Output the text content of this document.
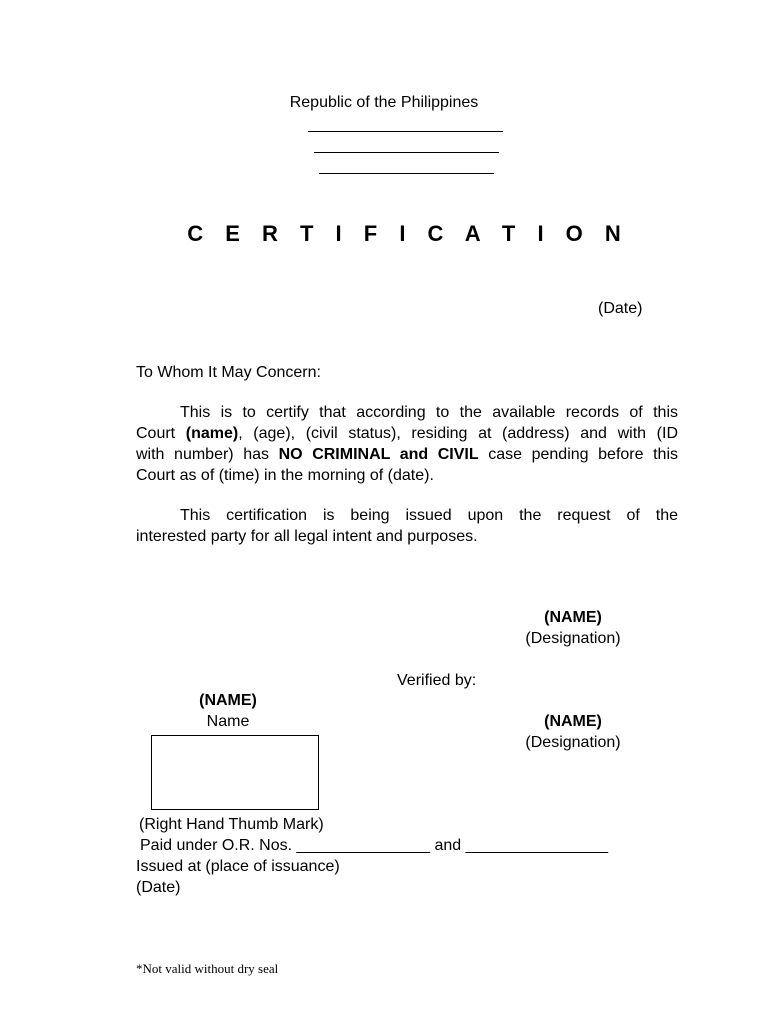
Republic of the Philippines
C E R T I F I C A T I O N
(Date)
To Whom It May Concern:
This is to certify that according to the available records of this
Court (name), (age), (civil status), residing at (address) and with (ID
with number) has NO CRIMINAL and CIVIL case pending before this
Court as of (time) in the morning of (date).
This certification is being issued upon the request of the
interested party for all legal intent and purposes.
(NAME)
(Designation)
Verified by:
(NAME)
Name	(NAME)
(Designation)
(Right Hand Thumb Mark)
Paid under O.R. Nos. _______________ and ________________
Issued at (place of issuance)
(Date)
*Not valid without dry seal
